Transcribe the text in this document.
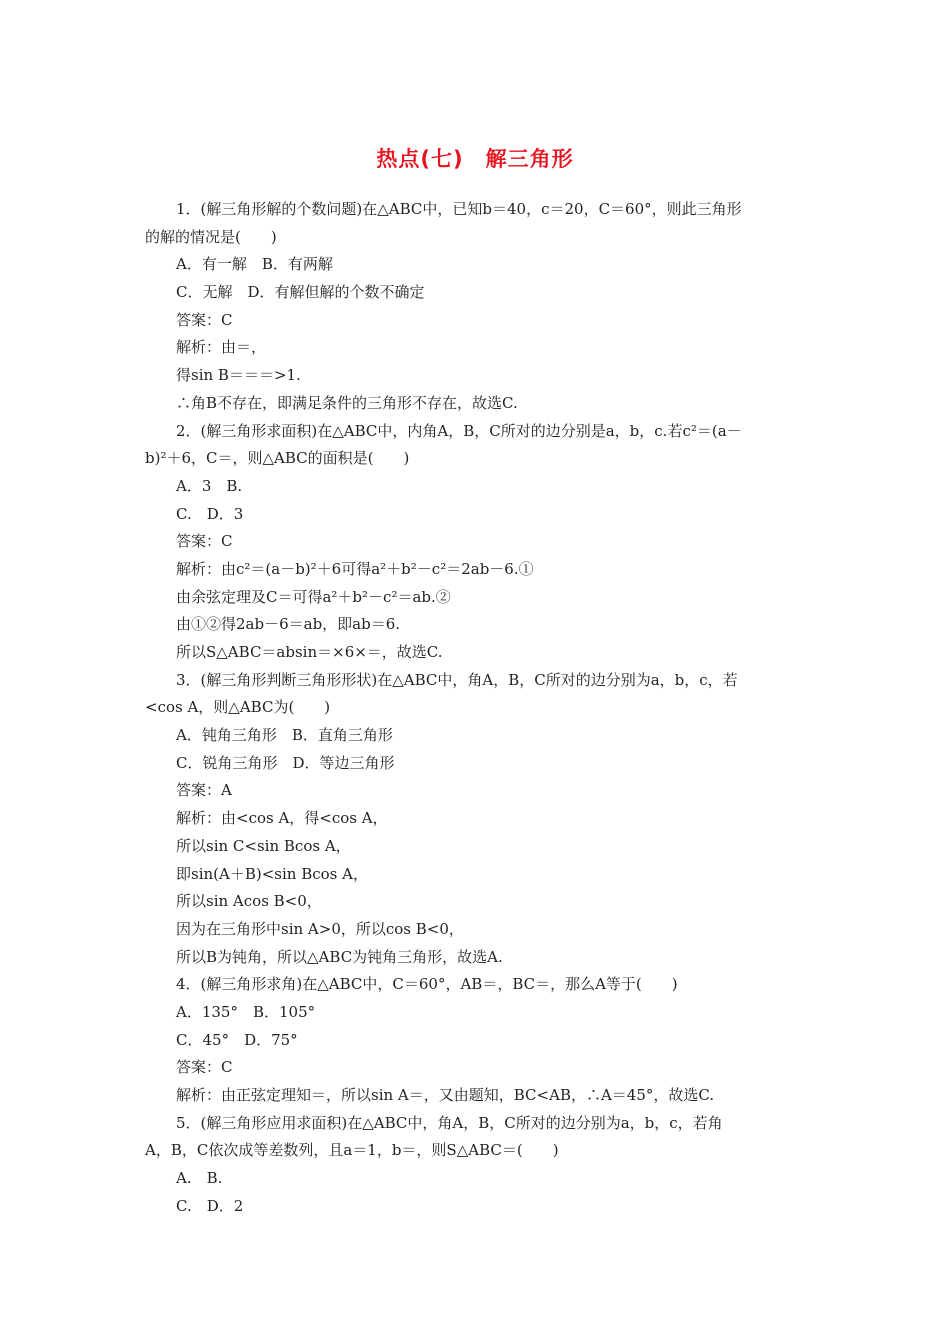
热点(七)　解三角形
1．(解三角形解的个数问题)在△ABC中，已知b＝40，c＝20，C＝60°，则此三角形
的解的情况是(　　)
A．有一解　B．有两解
C．无解　D．有解但解的个数不确定
答案：C
解析：由＝，
得sin B＝＝＝>1.
∴角B不存在，即满足条件的三角形不存在，故选C.
2．(解三角形求面积)在△ABC中，内角A，B，C所对的边分别是a，b，c.若c²＝(a－
b)²＋6，C＝，则△ABC的面积是(　　)
A．3　B.
C.　D．3
答案：C
解析：由c²＝(a－b)²＋6可得a²＋b²－c²＝2ab－6.①
由余弦定理及C＝可得a²＋b²－c²＝ab.②
由①②得2ab－6＝ab，即ab＝6.
所以S△ABC＝absin＝×6×＝，故选C.
3．(解三角形判断三角形形状)在△ABC中，角A，B，C所对的边分别为a，b，c，若
<cos A，则△ABC为(　　)
A．钝角三角形　B．直角三角形
C．锐角三角形　D．等边三角形
答案：A
解析：由<cos A，得<cos A，
所以sin C<sin Bcos A，
即sin(A＋B)<sin Bcos A，
所以sin Acos B<0，
因为在三角形中sin A>0，所以cos B<0，
所以B为钝角，所以△ABC为钝角三角形，故选A.
4．(解三角形求角)在△ABC中，C＝60°，AB＝，BC＝，那么A等于(　　)
A．135°　B．105°
C．45°　D．75°
答案：C
解析：由正弦定理知＝，所以sin A＝，又由题知，BC<AB，∴A＝45°，故选C.
5．(解三角形应用求面积)在△ABC中，角A，B，C所对的边分别为a，b，c，若角
A，B，C依次成等差数列，且a＝1，b＝，则S△ABC＝(　　)
A.　B.
C.　D．2
